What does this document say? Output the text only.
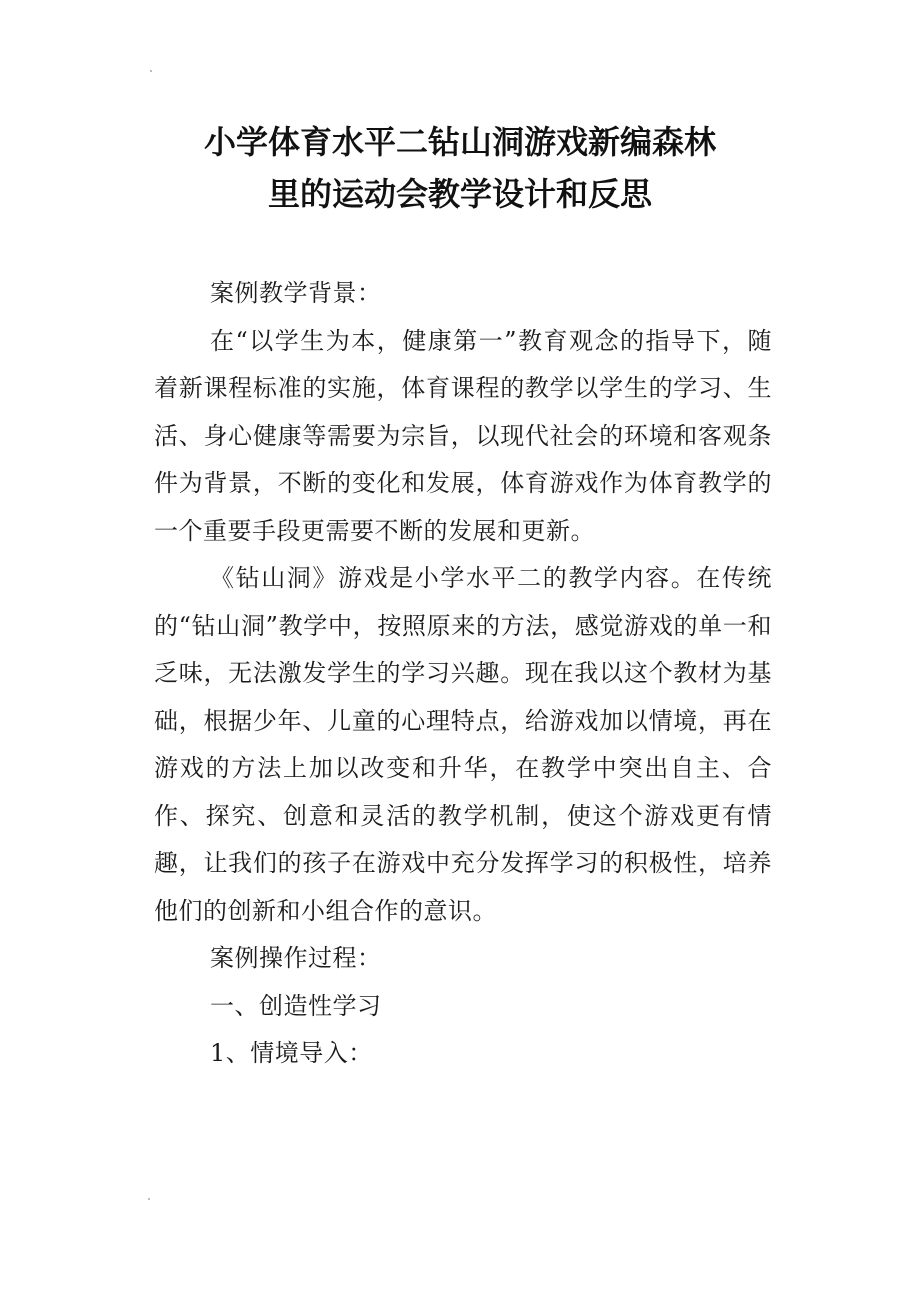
小学体育水平二钻山洞游戏新编森林
里的运动会教学设计和反思

案例教学背景：

在“以学生为本，健康第一”教育观念的指导下，随着新课程标准的实施，体育课程的教学以学生的学习、生活、身心健康等需要为宗旨，以现代社会的环境和客观条件为背景，不断的变化和发展，体育游戏作为体育教学的一个重要手段更需要不断的发展和更新。

《钻山洞》游戏是小学水平二的教学内容。在传统的“钻山洞”教学中，按照原来的方法，感觉游戏的单一和乏味，无法激发学生的学习兴趣。现在我以这个教材为基础，根据少年、儿童的心理特点，给游戏加以情境，再在游戏的方法上加以改变和升华，在教学中突出自主、合作、探究、创意和灵活的教学机制，使这个游戏更有情趣，让我们的孩子在游戏中充分发挥学习的积极性，培养他们的创新和小组合作的意识。

案例操作过程：

一、创造性学习

1、情境导入：
